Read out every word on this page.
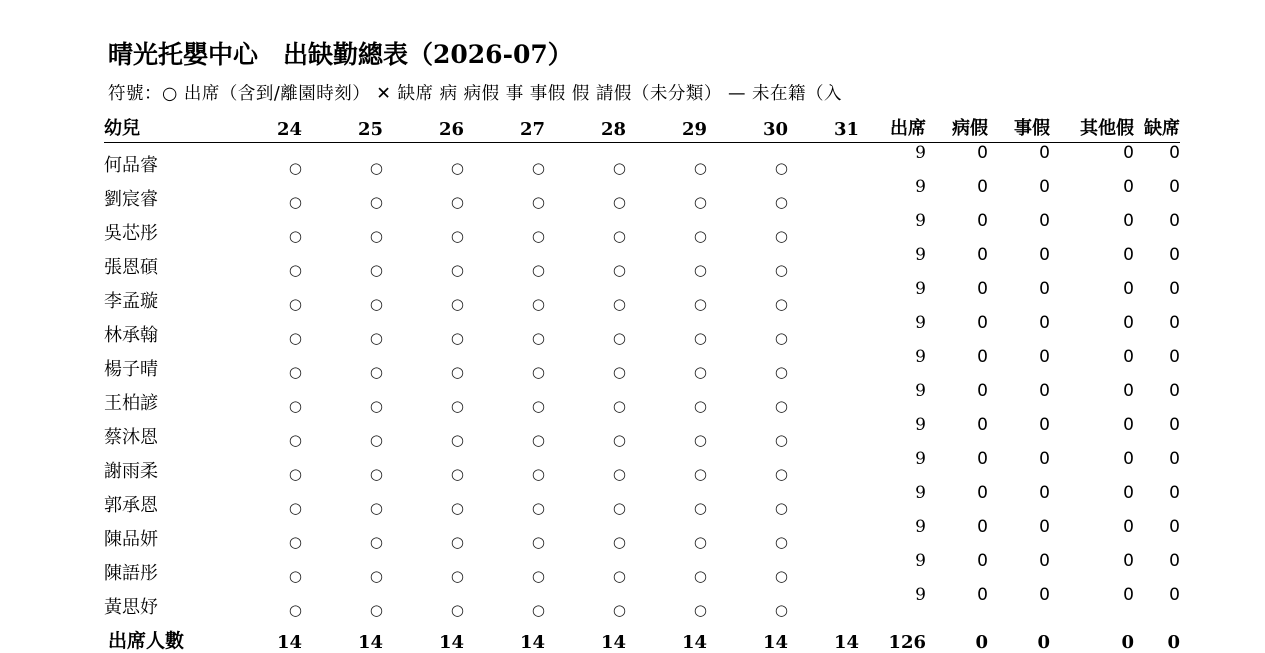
晴光托嬰中心　出缺勤總表（2026-07）
符號：○ 出席（含到/離園時刻） ✕ 缺席 病 病假 事 事假 假 請假（未分類） — 未在籍（入
幼兒	24	25	26	27	28	29	30	31	出席	病假	事假	其他假	缺席
何品睿	○	○	○	○	○	○	○		9	0	0	0	0
劉宸睿	○	○	○	○	○	○	○		9	0	0	0	0
吳芯彤	○	○	○	○	○	○	○		9	0	0	0	0
張恩碩	○	○	○	○	○	○	○		9	0	0	0	0
李孟璇	○	○	○	○	○	○	○		9	0	0	0	0
林承翰	○	○	○	○	○	○	○		9	0	0	0	0
楊子晴	○	○	○	○	○	○	○		9	0	0	0	0
王柏諺	○	○	○	○	○	○	○		9	0	0	0	0
蔡沐恩	○	○	○	○	○	○	○		9	0	0	0	0
謝雨柔	○	○	○	○	○	○	○		9	0	0	0	0
郭承恩	○	○	○	○	○	○	○		9	0	0	0	0
陳品妍	○	○	○	○	○	○	○		9	0	0	0	0
陳語彤	○	○	○	○	○	○	○		9	0	0	0	0
黃思妤	○	○	○	○	○	○	○		9	0	0	0	0
出席人數	14	14	14	14	14	14	14	14	126	0	0	0	0
